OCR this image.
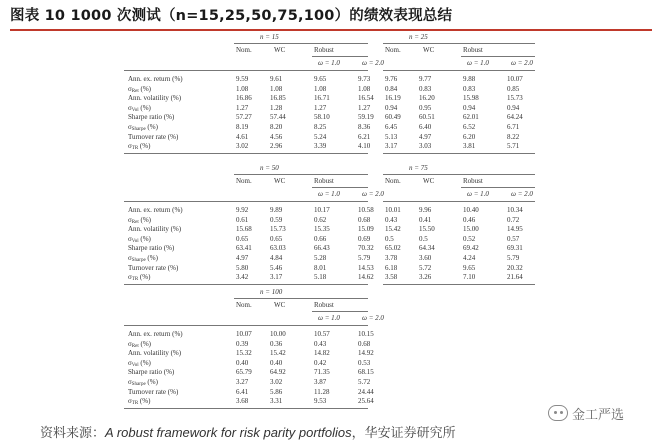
图表 10 1000 次测试（n=15,25,50,75,100）的绩效表现总结
n = 15
Nom.	WC	Robust
ω = 1.0	ω = 2.0
Ann. ex. return (%)	9.59	9.61	9.65	9.73
$\sigma_{Ret}$ (%)	1.08	1.08	1.08	1.08
Ann. volatility (%)	16.86	16.85	16.71	16.54
$\sigma_{Vol}$ (%)	1.27	1.28	1.27	1.27
Sharpe ratio (%)	57.27	57.44	58.10	59.19
$\sigma_{Sharpe}$ (%)	8.19	8.20	8.25	8.36
Turnover rate (%)	4.61	4.56	5.24	6.21
$\sigma_{TR}$ (%)	3.02	2.96	3.39	4.10
n = 50
Nom.	WC	Robust
ω = 1.0	ω = 2.0
Ann. ex. return (%)	9.92	9.89	10.17	10.58
$\sigma_{Ret}$ (%)	0.61	0.59	0.62	0.68
Ann. volatility (%)	15.68	15.73	15.35	15.09
$\sigma_{Vol}$ (%)	0.65	0.65	0.66	0.69
Sharpe ratio (%)	63.41	63.03	66.43	70.32
$\sigma_{Sharpe}$ (%)	4.97	4.84	5.28	5.79
Turnover rate (%)	5.80	5.46	8.01	14.53
$\sigma_{TR}$ (%)	3.42	3.17	5.18	14.62
n = 100
Nom.	WC	Robust
ω = 1.0	ω = 2.0
Ann. ex. return (%)	10.07	10.00	10.57	10.15
$\sigma_{Ret}$ (%)	0.39	0.36	0.43	0.68
Ann. volatility (%)	15.32	15.42	14.82	14.92
$\sigma_{Vol}$ (%)	0.40	0.40	0.42	0.53
Sharpe ratio (%)	65.79	64.92	71.35	68.15
$\sigma_{Sharpe}$ (%)	3.27	3.02	3.87	5.72
Turnover rate (%)	6.41	5.86	11.28	24.44
$\sigma_{TR}$ (%)	3.68	3.31	9.53	25.64
n = 25
Nom.	WC	Robust
ω = 1.0	ω = 2.0
9.76	9.77	9.88	10.07
0.84	0.83	0.83	0.85
16.19	16.20	15.98	15.73
0.94	0.95	0.94	0.94
60.49	60.51	62.01	64.24
6.45	6.40	6.52	6.71
5.13	4.97	6.20	8.22
3.17	3.03	3.81	5.71
n = 75
Nom.	WC	Robust
ω = 1.0	ω = 2.0
10.01	9.96	10.40	10.34
0.43	0.41	0.46	0.72
15.42	15.50	15.00	14.95
0.5	0.5	0.52	0.57
65.02	64.34	69.42	69.31
3.78	3.60	4.24	5.79
6.18	5.72	9.65	20.32
3.58	3.26	7.10	21.64
资料来源：A robust framework for risk parity portfolios，华安证券研究所
金工严选
